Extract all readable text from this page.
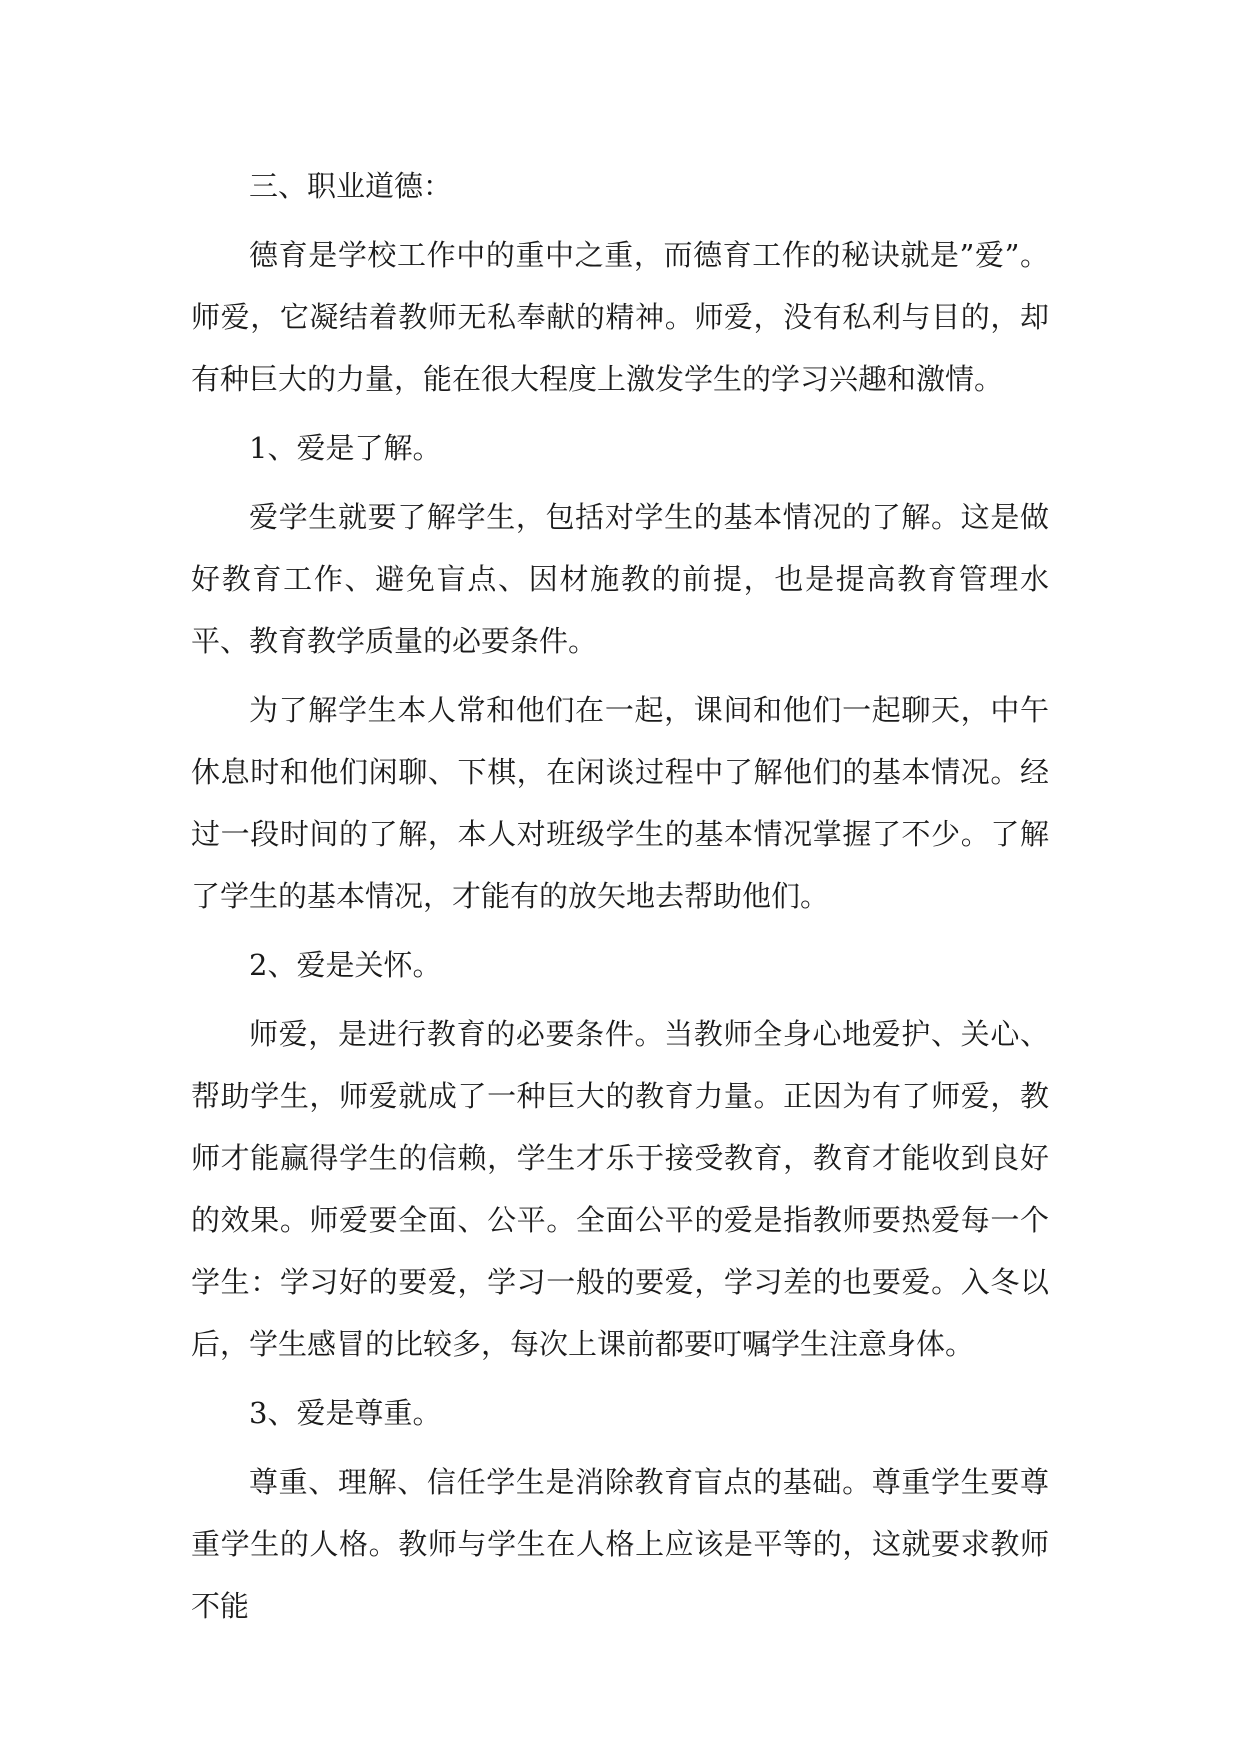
三、职业道德：

德育是学校工作中的重中之重，而德育工作的秘诀就是”爱”。师爱，它凝结着教师无私奉献的精神。师爱，没有私利与目的，却有种巨大的力量，能在很大程度上激发学生的学习兴趣和激情。

1、爱是了解。

爱学生就要了解学生，包括对学生的基本情况的了解。这是做好教育工作、避免盲点、因材施教的前提，也是提高教育管理水平、教育教学质量的必要条件。

为了解学生本人常和他们在一起，课间和他们一起聊天，中午休息时和他们闲聊、下棋，在闲谈过程中了解他们的基本情况。经过一段时间的了解，本人对班级学生的基本情况掌握了不少。了解了学生的基本情况，才能有的放矢地去帮助他们。

2、爱是关怀。

师爱，是进行教育的必要条件。当教师全身心地爱护、关心、帮助学生，师爱就成了一种巨大的教育力量。正因为有了师爱，教师才能赢得学生的信赖，学生才乐于接受教育，教育才能收到良好的效果。师爱要全面、公平。全面公平的爱是指教师要热爱每一个学生：学习好的要爱，学习一般的要爱，学习差的也要爱。入冬以后，学生感冒的比较多，每次上课前都要叮嘱学生注意身体。

3、爱是尊重。

尊重、理解、信任学生是消除教育盲点的基础。尊重学生要尊重学生的人格。教师与学生在人格上应该是平等的，这就要求教师不能
